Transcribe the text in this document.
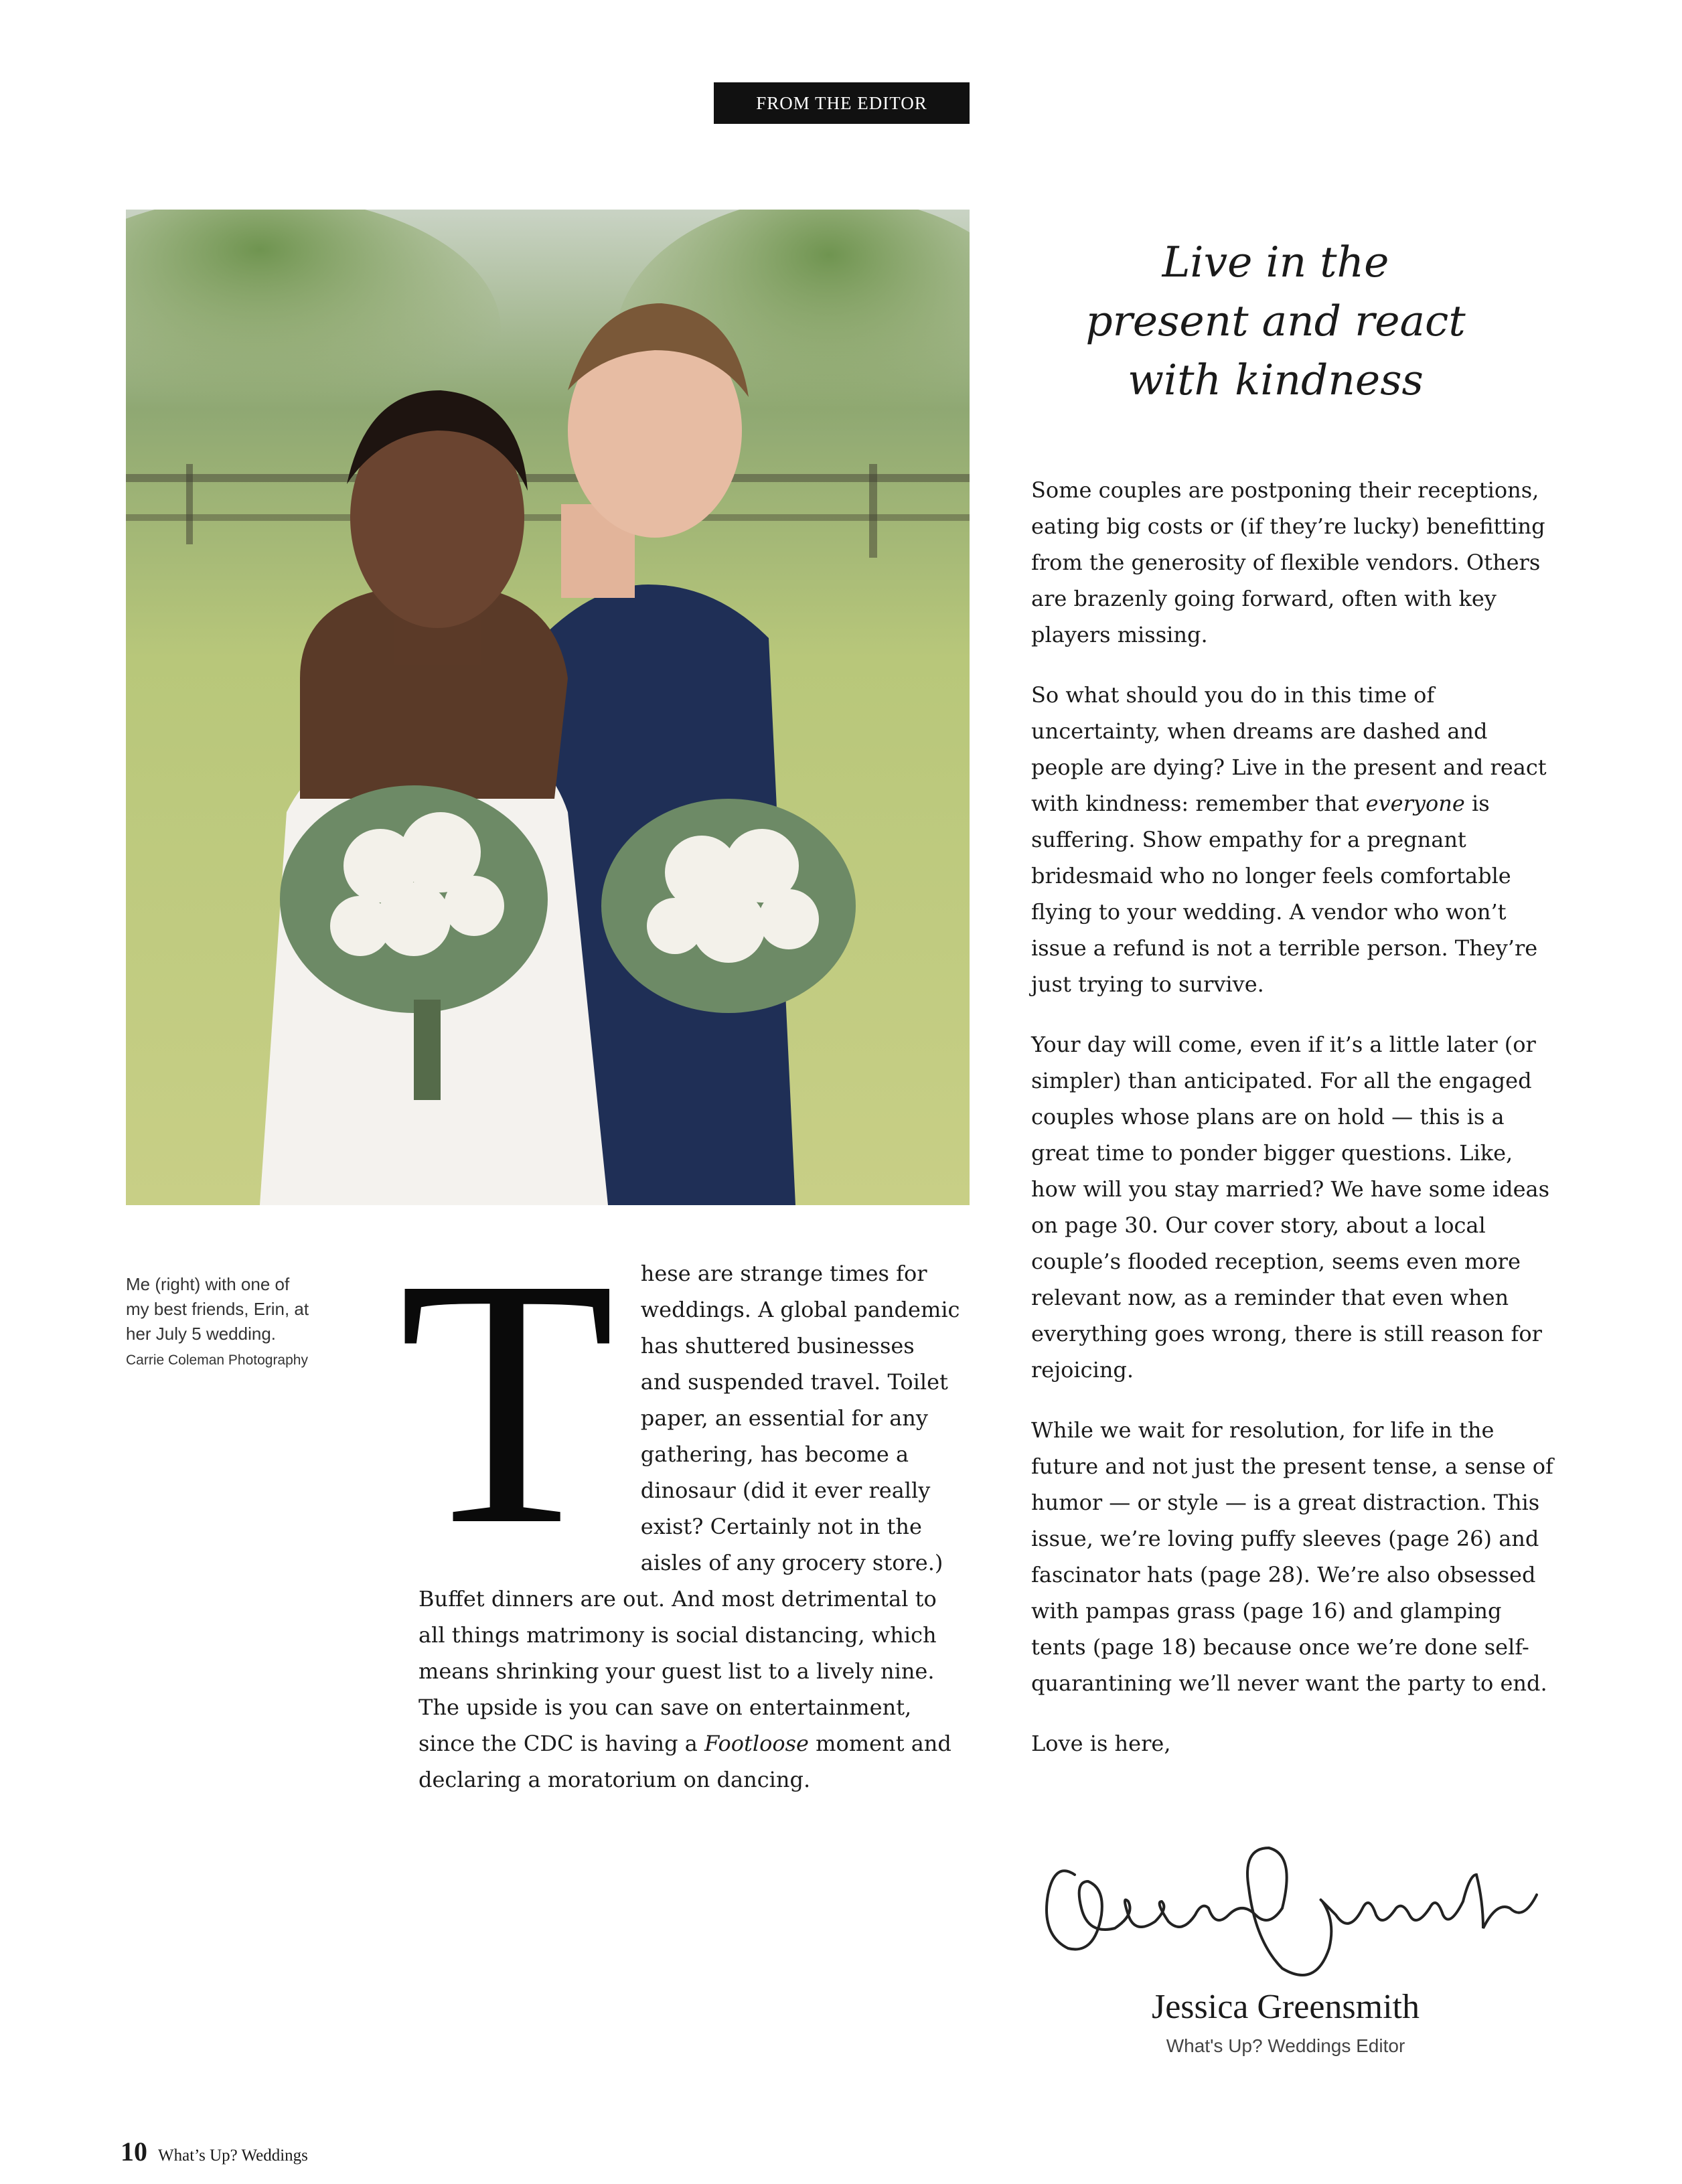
FROM THE EDITOR
Me (right) with one of my best friends, Erin, at her July 5 wedding. Carrie Coleman Photography
Live in the
present and react
with kindness
T	hese are strange times for weddings. A global pandemic has shuttered businesses and suspended travel. Toilet paper, an essential for any gathering, has become a dinosaur (did it ever really exist? Certainly not in the aisles of any grocery store.) Buffet dinners are out. And most detrimental to all things matrimony is social distancing, which means shrinking your guest list to a lively nine. The upside is you can save on entertainment, since the CDC is having a Footloose moment and declaring a moratorium on dancing.

Some couples are postponing their receptions, eating big costs or (if they’re lucky) benefitting from the generosity of flexible vendors. Others are brazenly going forward, often with key players missing.

So what should you do in this time of uncertainty, when dreams are dashed and people are dying? Live in the present and react with kindness: remember that everyone is suffering. Show empathy for a pregnant bridesmaid who no longer feels comfortable flying to your wedding. A vendor who won’t issue a refund is not a terrible person. They’re just trying to survive.

Your day will come, even if it’s a little later (or simpler) than anticipated. For all the engaged couples whose plans are on hold — this is a great time to ponder bigger questions. Like, how will you stay married? We have some ideas on page 30. Our cover story, about a local couple’s flooded reception, seems even more relevant now, as a reminder that even when everything goes wrong, there is still reason for rejoicing.

While we wait for resolution, for life in the future and not just the present tense, a sense of humor — or style — is a great distraction. This issue, we’re loving puffy sleeves (page 26) and fascinator hats (page 28). We’re also obsessed with pampas grass (page 16) and glamping tents (page 18) because once we’re done self-quarantining we’ll never want the party to end.

Love is here,

Jessica Greensmith
What's Up? Weddings Editor
10 What’s Up? Weddings
